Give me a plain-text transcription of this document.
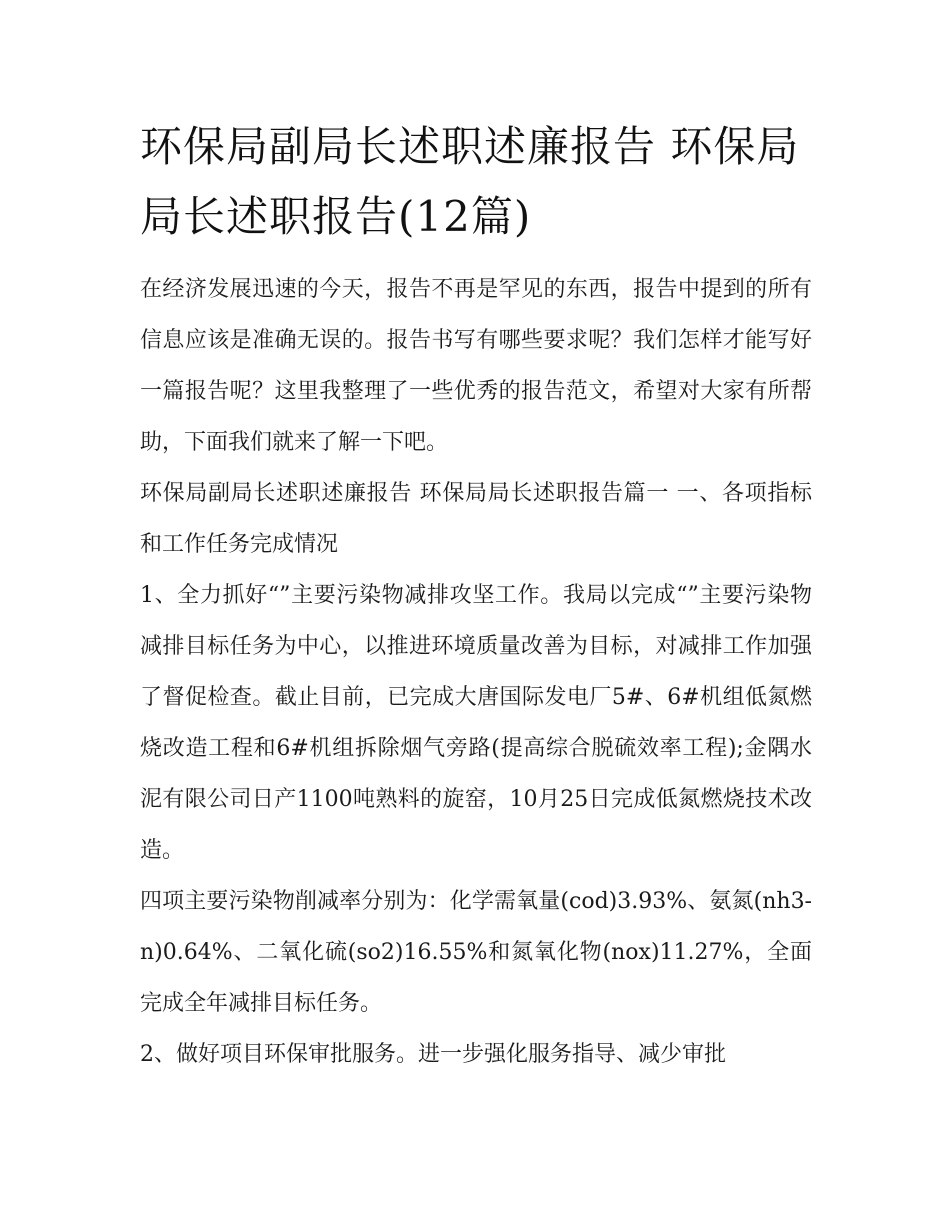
环保局副局长述职述廉报告 环保局局长述职报告(12篇)

在经济发展迅速的今天，报告不再是罕见的东西，报告中提到的所有信息应该是准确无误的。报告书写有哪些要求呢？我们怎样才能写好一篇报告呢？这里我整理了一些优秀的报告范文，希望对大家有所帮助，下面我们就来了解一下吧。

环保局副局长述职述廉报告 环保局局长述职报告篇一 一、各项指标和工作任务完成情况

1、全力抓好“”主要污染物减排攻坚工作。我局以完成“”主要污染物减排目标任务为中心，以推进环境质量改善为目标，对减排工作加强了督促检查。截止目前，已完成大唐国际发电厂5#、6#机组低氮燃烧改造工程和6#机组拆除烟气旁路(提高综合脱硫效率工程);金隅水泥有限公司日产1100吨熟料的旋窑，10月25日完成低氮燃烧技术改造。

四项主要污染物削减率分别为：化学需氧量(cod)3.93%、氨氮(nh3-n)0.64%、二氧化硫(so2)16.55%和氮氧化物(nox)11.27%，全面完成全年减排目标任务。

2、做好项目环保审批服务。进一步强化服务指导、减少审批
